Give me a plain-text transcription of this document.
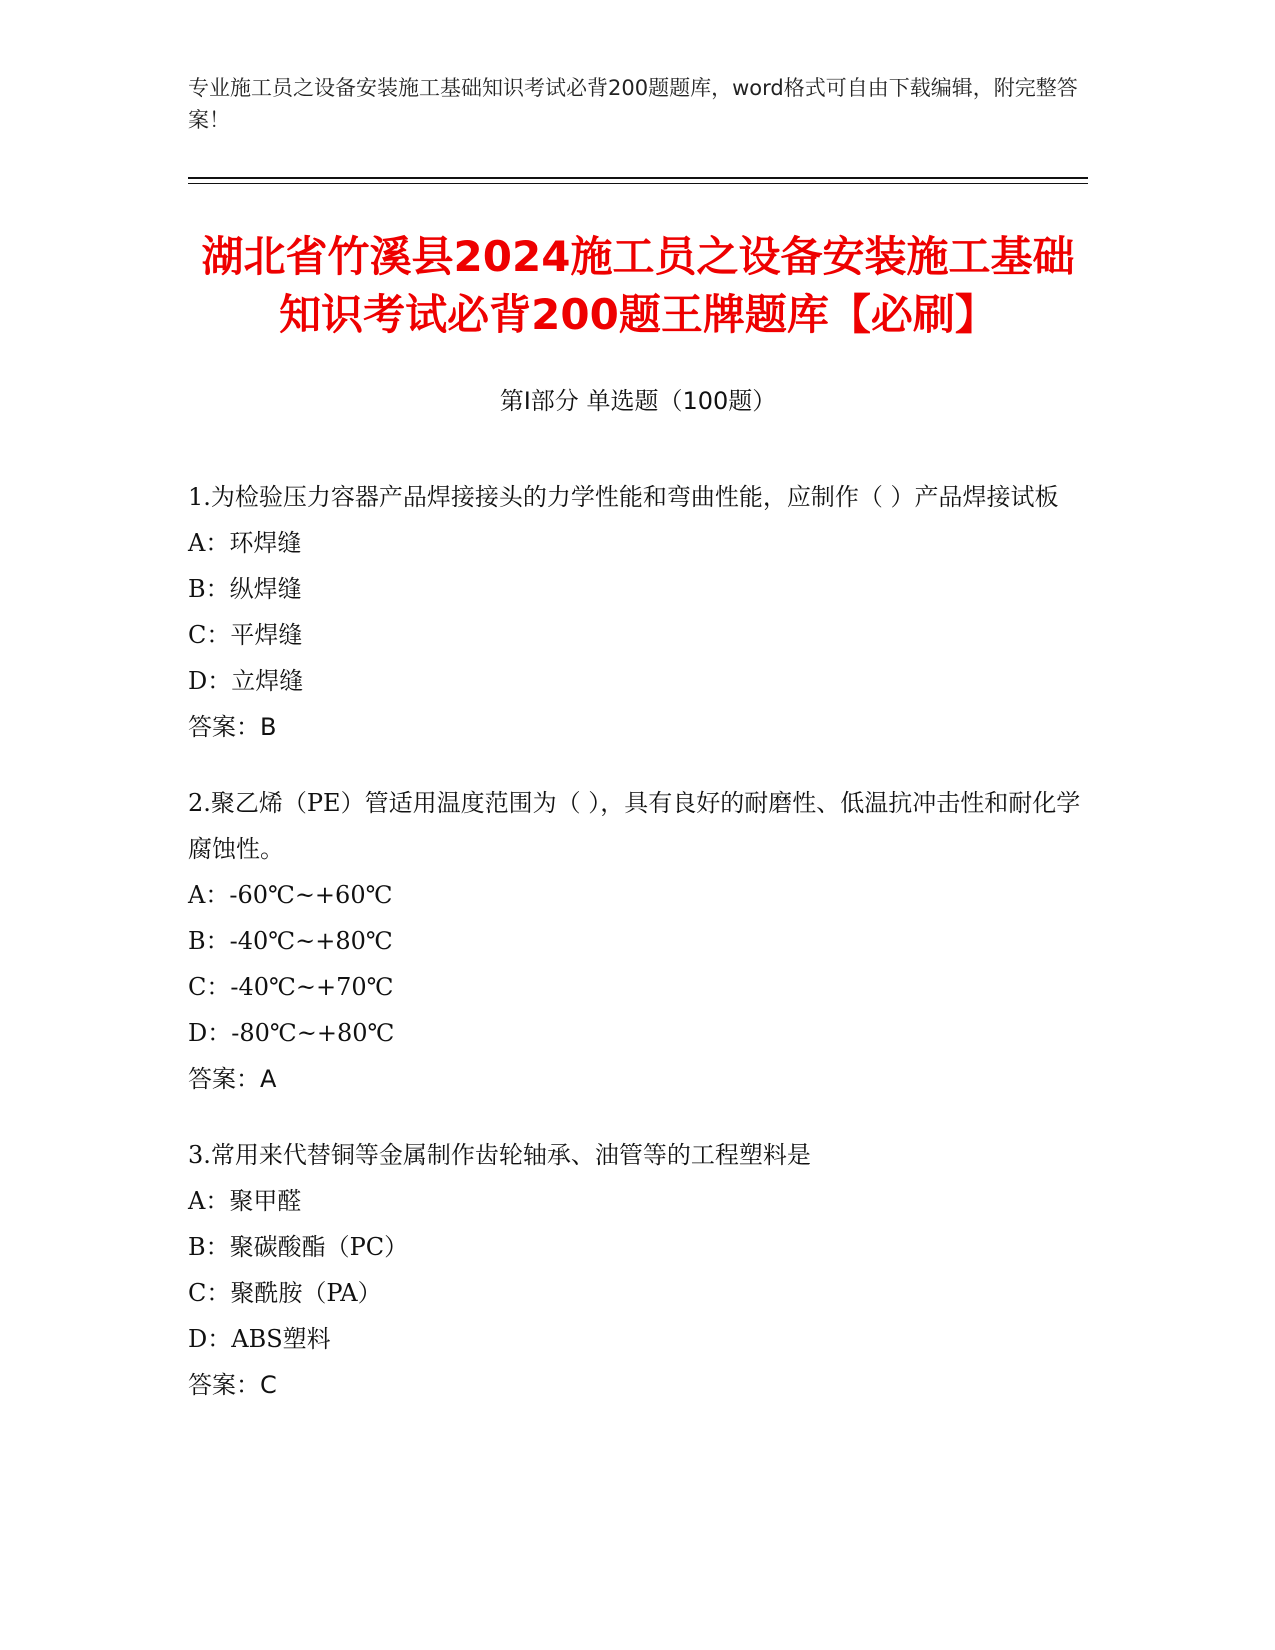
专业施工员之设备安装施工基础知识考试必背200题题库，word格式可自由下载编辑，附完整答案！
湖北省竹溪县2024施工员之设备安装施工基础知识考试必背200题王牌题库【必刷】
第I部分 单选题（100题）

1.为检验压力容器产品焊接接头的力学性能和弯曲性能，应制作（ ）产品焊接试板

A：环焊缝

B：纵焊缝

C：平焊缝

D：立焊缝

答案：B

2.聚乙烯（PE）管适用温度范围为（ ），具有良好的耐磨性、低温抗冲击性和耐化学腐蚀性。

A：-60℃~+60℃

B：-40℃~+80℃

C：-40℃~+70℃

D：-80℃~+80℃

答案：A

3.常用来代替铜等金属制作齿轮轴承、油管等的工程塑料是

A：聚甲醛

B：聚碳酸酯（PC）

C：聚酰胺（PA）

D：ABS塑料

答案：C
